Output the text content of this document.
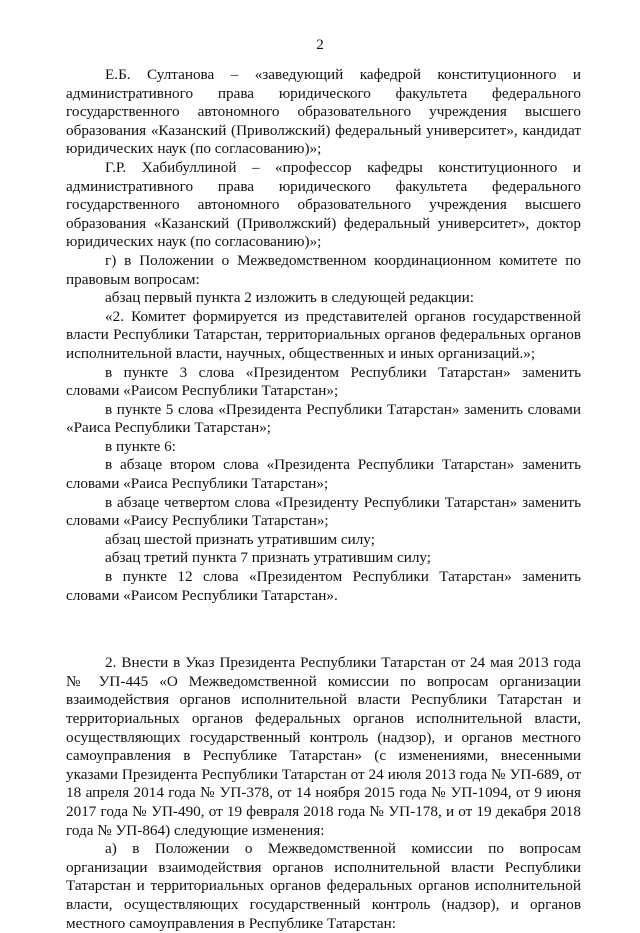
2

Е.Б. Султанова – «заведующий кафедрой конституционного и административного права юридического факультета федерального государственного автономного образовательного учреждения высшего образования «Казанский (Приволжский) федеральный университет», кандидат юридических наук (по согласованию)»;

Г.Р. Хабибуллиной – «профессор кафедры конституционного и административного права юридического факультета федерального государственного автономного образовательного учреждения высшего образования «Казанский (Приволжский) федеральный университет», доктор юридических наук (по согласованию)»;

г) в Положении о Межведомственном координационном комитете по правовым вопросам:

абзац первый пункта 2 изложить в следующей редакции:

«2. Комитет формируется из представителей органов государственной власти Республики Татарстан, территориальных органов федеральных органов исполнительной власти, научных, общественных и иных организаций.»;

в пункте 3 слова «Президентом Республики Татарстан» заменить словами «Раисом Республики Татарстан»;

в пункте 5 слова «Президента Республики Татарстан» заменить словами «Раиса Республики Татарстан»;

в пункте 6:

в абзаце втором слова «Президента Республики Татарстан» заменить словами «Раиса Республики Татарстан»;

в абзаце четвертом слова «Президенту Республики Татарстан» заменить словами «Раису Республики Татарстан»;

абзац шестой признать утратившим силу;

абзац третий пункта 7 признать утратившим силу;

в пункте 12 слова «Президентом Республики Татарстан» заменить словами «Раисом Республики Татарстан».

2. Внести в Указ Президента Республики Татарстан от 24 мая 2013 года № УП-445 «О Межведомственной комиссии по вопросам организации взаимодействия органов исполнительной власти Республики Татарстан и территориальных органов федеральных органов исполнительной власти, осуществляющих государственный контроль (надзор), и органов местного самоуправления в Республике Татарстан» (с изменениями, внесенными указами Президента Республики Татарстан от 24 июля 2013 года № УП-689, от 18 апреля 2014 года № УП-378, от 14 ноября 2015 года № УП-1094, от 9 июня 2017 года № УП-490, от 19 февраля 2018 года № УП-178, и от 19 декабря 2018 года № УП-864) следующие изменения:

а) в Положении о Межведомственной комиссии по вопросам организации взаимодействия органов исполнительной власти Республики Татарстан и территориальных органов федеральных органов исполнительной власти, осуществляющих государственный контроль (надзор), и органов местного самоуправления в Республике Татарстан:
